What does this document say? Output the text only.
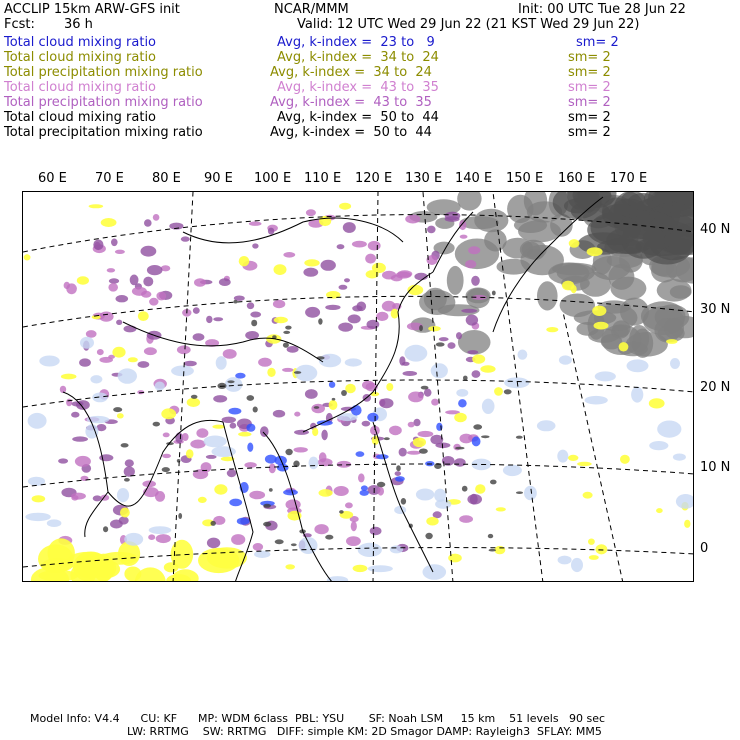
ACCLIP 15km ARW-GFS init	NCAR/MMM	Init: 00 UTC Tue 28 Jun 22
Fcst: 36 h	Valid: 12 UTC Wed 29 Jun 22 (21 KST Wed 29 Jun 22)
Total cloud mixing ratio	Avg, k-index =  23 to   9	sm= 2
Total cloud mixing ratio	Avg, k-index =  34 to  24	sm= 2
Total precipitation mixing ratio	Avg, k-index =  34 to  24	sm= 2
Total cloud mixing ratio	Avg, k-index =  43 to  35	sm= 2
Total precipitation mixing ratio	Avg, k-index =  43 to  35	sm= 2
Total cloud mixing ratio	Avg, k-index =  50 to  44	sm= 2
Total precipitation mixing ratio	Avg, k-index =  50 to  44	sm= 2
60 E 70 E 80 E 90 E 100 E 110 E 120 E 130 E 140 E 150 E 160 E 170 E
40 N
30 N
20 N
10 N
0
Model Info: V4.4      CU: KF      MP: WDM 6class  PBL: YSU       SF: Noah LSM     15 km    51 levels   90 sec
LW: RRTMG    SW: RRTMG   DIFF: simple KM: 2D Smagor DAMP: Rayleigh3  SFLAY: MM5
